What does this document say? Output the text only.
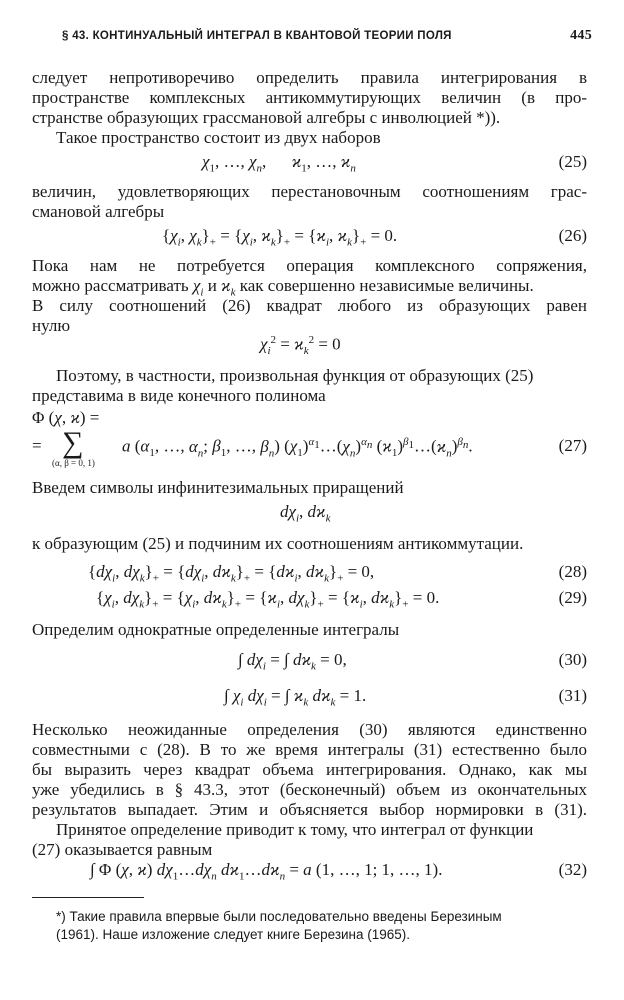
§ 43. КОНТИНУАЛЬНЫЙ ИНТЕГРАЛ В КВАНТОВОЙ ТЕОРИИ ПОЛЯ	445
следует непротиворечиво определить правила интегрирования в
пространстве комплексных антикоммутирующих величин (в про-
странстве образующих грассмановой алгебры с инволюцией *)).
Такое пространство состоит из двух наборов
$\chi_1$, …, $\chi_n$,      $ϰ_1$, …, $ϰ_n$	(25)
величин, удовлетворяющих перестановочным соотношениям грас-
смановой алгебры
{$\chi_i$, $\chi_k\}_+ = \{\chi_i$, $ϰ_k\}_+ = \{ϰ_i$, $ϰ_k\}_+ = 0$.	(26)
Пока нам не потребуется операция комплексного сопряжения,
можно рассматривать $\chi_i$ и $ϰ_k$ как совершенно независимые величины.
В силу соотношений (26) квадрат любого из образующих равен
нулю
$\chi_i^2 = ϰ_k^2 = 0$
Поэтому, в частности, произвольная функция от образующих (25)
представима в виде конечного полинома
Φ (χ, ϰ) =
= ∑
(α, β = 0, 1)
a ($\alpha_1$, …, $\alpha_n$; $\beta_1$, …, $\beta_n$) $(\chi_1)^{\alpha_1}\dots(\chi_n)^{\alpha_n}$ $(ϰ_1)^{\beta_1}\dots(ϰ_n)^{\beta_n}$.	(27)
Введем символы инфинитезимальных приращений
$d\chi_i$, $dϰ_k$
к образующим (25) и подчиним их соотношениям антикоммутации.
{$d\chi_i$, $d\chi_k\}_+ = \{d\chi_i$, $dϰ_k\}_+ = \{dϰ_i$, $dϰ_k\}_+ = 0$,	(28)
{$\chi_i$, $d\chi_k\}_+ = \{\chi_i$, $dϰ_k\}_+ = \{ϰ_i$, $d\chi_k\}_+ = \{ϰ_i$, $dϰ_k\}_+ = 0$.	(29)
Определим однократные определенные интегралы
∫ $d\chi_i$ = ∫ $dϰ_k = 0$,	(30)
∫ $\chi_i$ $d\chi_i$ = ∫ $ϰ_k$ $dϰ_k = 1$.	(31)
Несколько неожиданные определения (30) являются единственно
совместными с (28). В то же время интегралы (31) естественно было
бы выразить через квадрат объема интегрирования. Однако, как мы
уже убедились в § 43.3, этот (бесконечный) объем из окончательных
результатов выпадает. Этим и объясняется выбор нормировки в (31).
Принятое определение приводит к тому, что интеграл от функции
(27) оказывается равным
∫ Φ (χ, ϰ) $d\chi_1\dots d\chi_n$ $dϰ_1\dots dϰ_n = a$ (1, …, 1; 1, …, 1).	(32)
*) Такие правила впервые были последовательно введены Березиным
(1961). Наше изложение следует книге Березина (1965).
